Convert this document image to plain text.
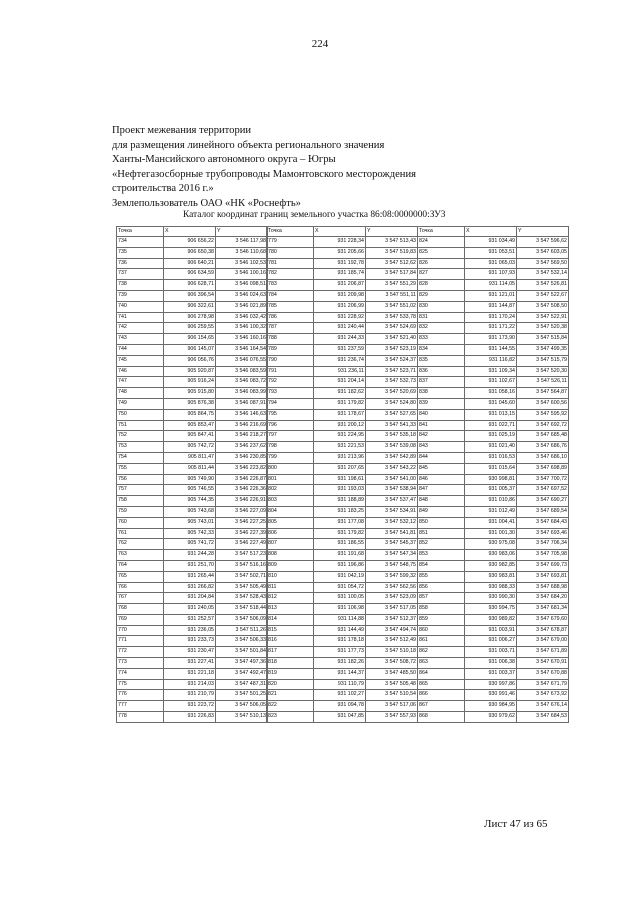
224
Проект межевания территории
для размещения линейного объекта регионального значения
Ханты-Мансийского автономного округа – Югры
«Нефтегазосборные трубопроводы Мамонтовского месторождения
строительства 2016 г.»
Землепользователь ОАО «НК «Роснефть»
Каталог координат границ земельного участка 86:08:0000000:ЗУ3
Точка	X	Y
734	906 656,22	3 546 117,98
735	906 650,38	3 546 110,68
736	906 640,21	3 546 102,53
737	906 634,59	3 546 100,16
738	906 628,71	3 546 098,51
739	906 396,54	3 546 024,63
740	906 322,61	3 546 021,89
741	906 278,98	3 546 032,42
742	906 259,55	3 546 100,32
743	906 154,65	3 546 160,16
744	906 145,07	3 546 164,54
745	906 056,76	3 546 076,55
746	905 920,87	3 546 083,59
747	905 916,24	3 546 083,72
748	905 915,80	3 546 083,99
749	905 876,38	3 546 087,91
750	905 864,75	3 546 146,63
751	905 853,47	3 546 216,69
752	905 847,41	3 546 218,27
753	905 742,72	3 546 237,62
754	905 811,47	3 546 230,85
755	905 811,44	3 546 223,82
756	905 749,90	3 546 226,87
757	905 746,55	3 546 226,36
758	905 744,35	3 546 226,91
759	905 743,68	3 546 227,09
760	905 743,01	3 546 227,25
761	905 742,33	3 546 227,39
762	905 741,72	3 546 227,49
763	931 244,28	3 547 517,23
764	931 251,70	3 547 516,16
765	931 265,44	3 547 502,71
766	931 266,82	3 547 505,49
767	931 204,84	3 547 528,43
768	931 240,05	3 547 518,44
769	931 252,57	3 547 506,09
770	931 236,05	3 547 511,26
771	931 233,73	3 547 506,33
772	931 230,47	3 547 501,84
773	931 227,41	3 547 497,36
774	931 221,18	3 547 492,47
775	931 214,03	3 547 487,31
776	931 210,79	3 547 501,25
777	931 223,72	3 547 506,05
778	931 226,83	3 547 510,13
Точка	X	Y
779	931 228,34	3 547 513,43
780	931 205,66	3 547 519,83
781	931 192,78	3 547 512,62
782	931 185,74	3 547 517,84
783	931 206,87	3 547 551,29
784	931 209,98	3 547 551,11
785	931 206,99	3 547 551,02
786	931 228,92	3 547 533,78
787	931 240,44	3 547 524,69
788	931 244,33	3 547 521,40
789	931 237,59	3 547 523,19
790	931 236,74	3 547 524,37
791	931 236,11	3 547 523,71
792	931 204,14	3 547 532,73
793	931 182,62	3 547 520,69
794	931 179,82	3 547 524,80
795	931 178,67	3 547 527,65
796	931 200,12	3 547 541,33
797	931 224,95	3 547 535,18
798	931 221,53	3 547 539,08
799	931 213,96	3 547 542,89
800	931 207,65	3 547 543,22
801	931 198,61	3 547 541,00
802	931 193,03	3 547 538,94
803	931 188,89	3 547 537,47
804	931 183,25	3 547 534,91
805	931 177,08	3 547 532,12
806	931 179,82	3 547 541,81
807	931 186,55	3 547 545,37
808	931 191,68	3 547 547,34
809	931 196,86	3 547 548,75
810	931 042,19	3 547 599,32
811	931 054,72	3 547 562,56
812	931 100,05	3 547 523,09
813	931 106,98	3 547 517,05
814	931 114,88	3 547 512,37
815	931 144,49	3 547 494,74
816	931 178,18	3 547 512,49
817	931 177,73	3 547 510,18
818	931 182,26	3 547 508,72
819	931 144,37	3 547 485,50
820	931 110,79	3 547 505,48
821	931 102,27	3 547 510,54
822	931 094,78	3 547 517,06
823	931 047,85	3 547 557,93
Точка	X	Y
824	931 034,49	3 547 596,62
825	931 053,51	3 547 603,05
826	931 065,03	3 547 569,50
827	931 107,93	3 547 532,14
828	931 114,05	3 547 526,81
829	931 121,01	3 547 522,67
830	931 144,87	3 547 508,50
831	931 170,24	3 547 522,91
832	931 171,22	3 547 520,38
833	931 173,90	3 547 515,84
834	931 144,55	3 547 499,35
835	931 116,82	3 547 515,79
836	931 109,34	3 547 520,30
837	931 102,67	3 547 526,11
838	931 058,16	3 547 564,87
839	931 045,60	3 547 600,56
840	931 013,15	3 547 595,92
841	931 022,71	3 547 692,72
842	931 025,19	3 547 685,48
843	931 021,40	3 547 686,76
844	931 016,53	3 547 686,10
845	931 015,64	3 547 698,89
846	930 998,81	3 547 700,72
847	931 005,37	3 547 697,52
848	931 010,86	3 547 690,27
849	931 012,49	3 547 689,54
850	931 004,41	3 547 684,43
851	931 001,30	3 547 693,46
852	930 975,08	3 547 706,34
853	930 983,06	3 547 705,98
854	930 982,85	3 547 699,73
855	930 983,81	3 547 693,81
856	930 988,33	3 547 688,98
857	930 990,30	3 547 684,20
858	930 994,75	3 547 681,34
859	930 989,82	3 547 679,60
860	931 003,91	3 547 678,87
861	931 006,27	3 547 679,00
862	931 003,71	3 547 671,89
863	931 006,38	3 547 670,91
864	931 003,37	3 547 670,88
865	930 997,86	3 547 671,79
866	930 991,46	3 547 673,92
867	930 984,95	3 547 676,14
868	930 979,62	3 547 684,53
Лист 47 из 65
